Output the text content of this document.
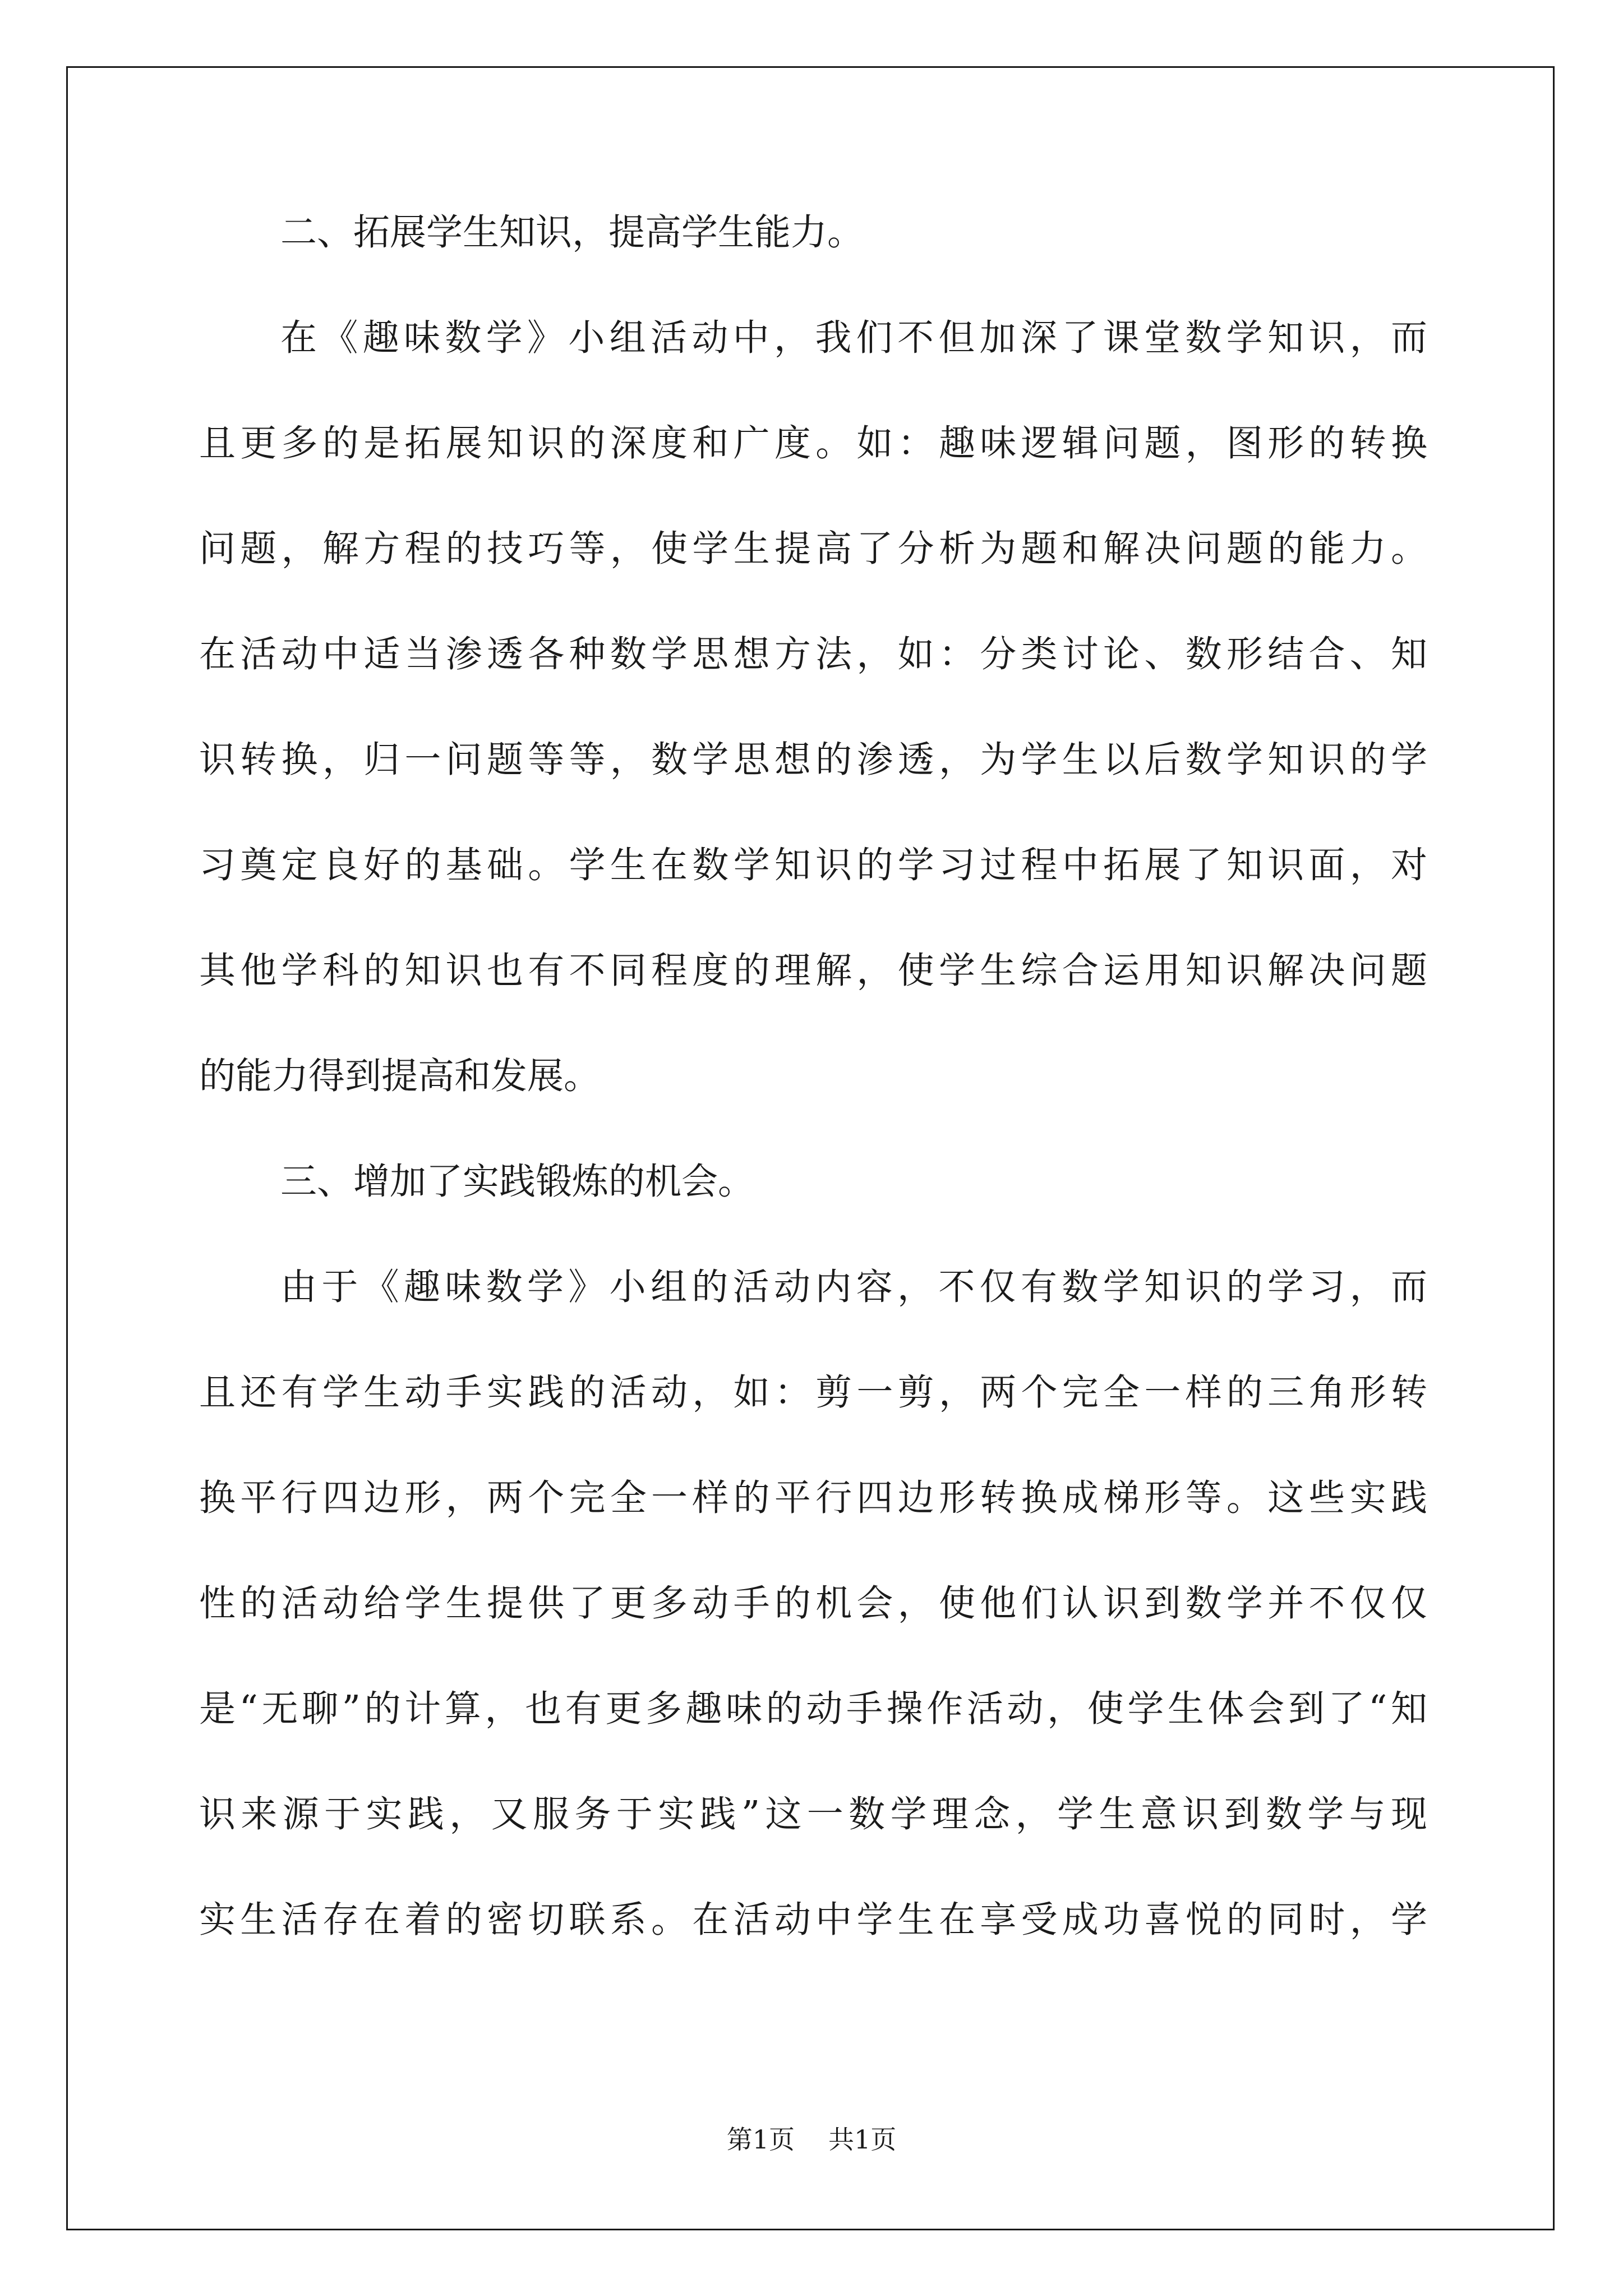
二、拓展学生知识，提高学生能力。
在《趣味数学》小组活动中，我们不但加深了课堂数学知识，而
且更多的是拓展知识的深度和广度。如：趣味逻辑问题，图形的转换
问题，解方程的技巧等，使学生提高了分析为题和解决问题的能力。
在活动中适当渗透各种数学思想方法，如：分类讨论、数形结合、知
识转换，归一问题等等，数学思想的渗透，为学生以后数学知识的学
习奠定良好的基础。学生在数学知识的学习过程中拓展了知识面，对
其他学科的知识也有不同程度的理解，使学生综合运用知识解决问题
的能力得到提高和发展。
三、增加了实践锻炼的机会。
由于《趣味数学》小组的活动内容，不仅有数学知识的学习，而
且还有学生动手实践的活动，如：剪一剪，两个完全一样的三角形转
换平行四边形，两个完全一样的平行四边形转换成梯形等。这些实践
性的活动给学生提供了更多动手的机会，使他们认识到数学并不仅仅
是“无聊”的计算，也有更多趣味的动手操作活动，使学生体会到了“知
识来源于实践，又服务于实践”这一数学理念，学生意识到数学与现
实生活存在着的密切联系。在活动中学生在享受成功喜悦的同时，学
第1页 共1页
